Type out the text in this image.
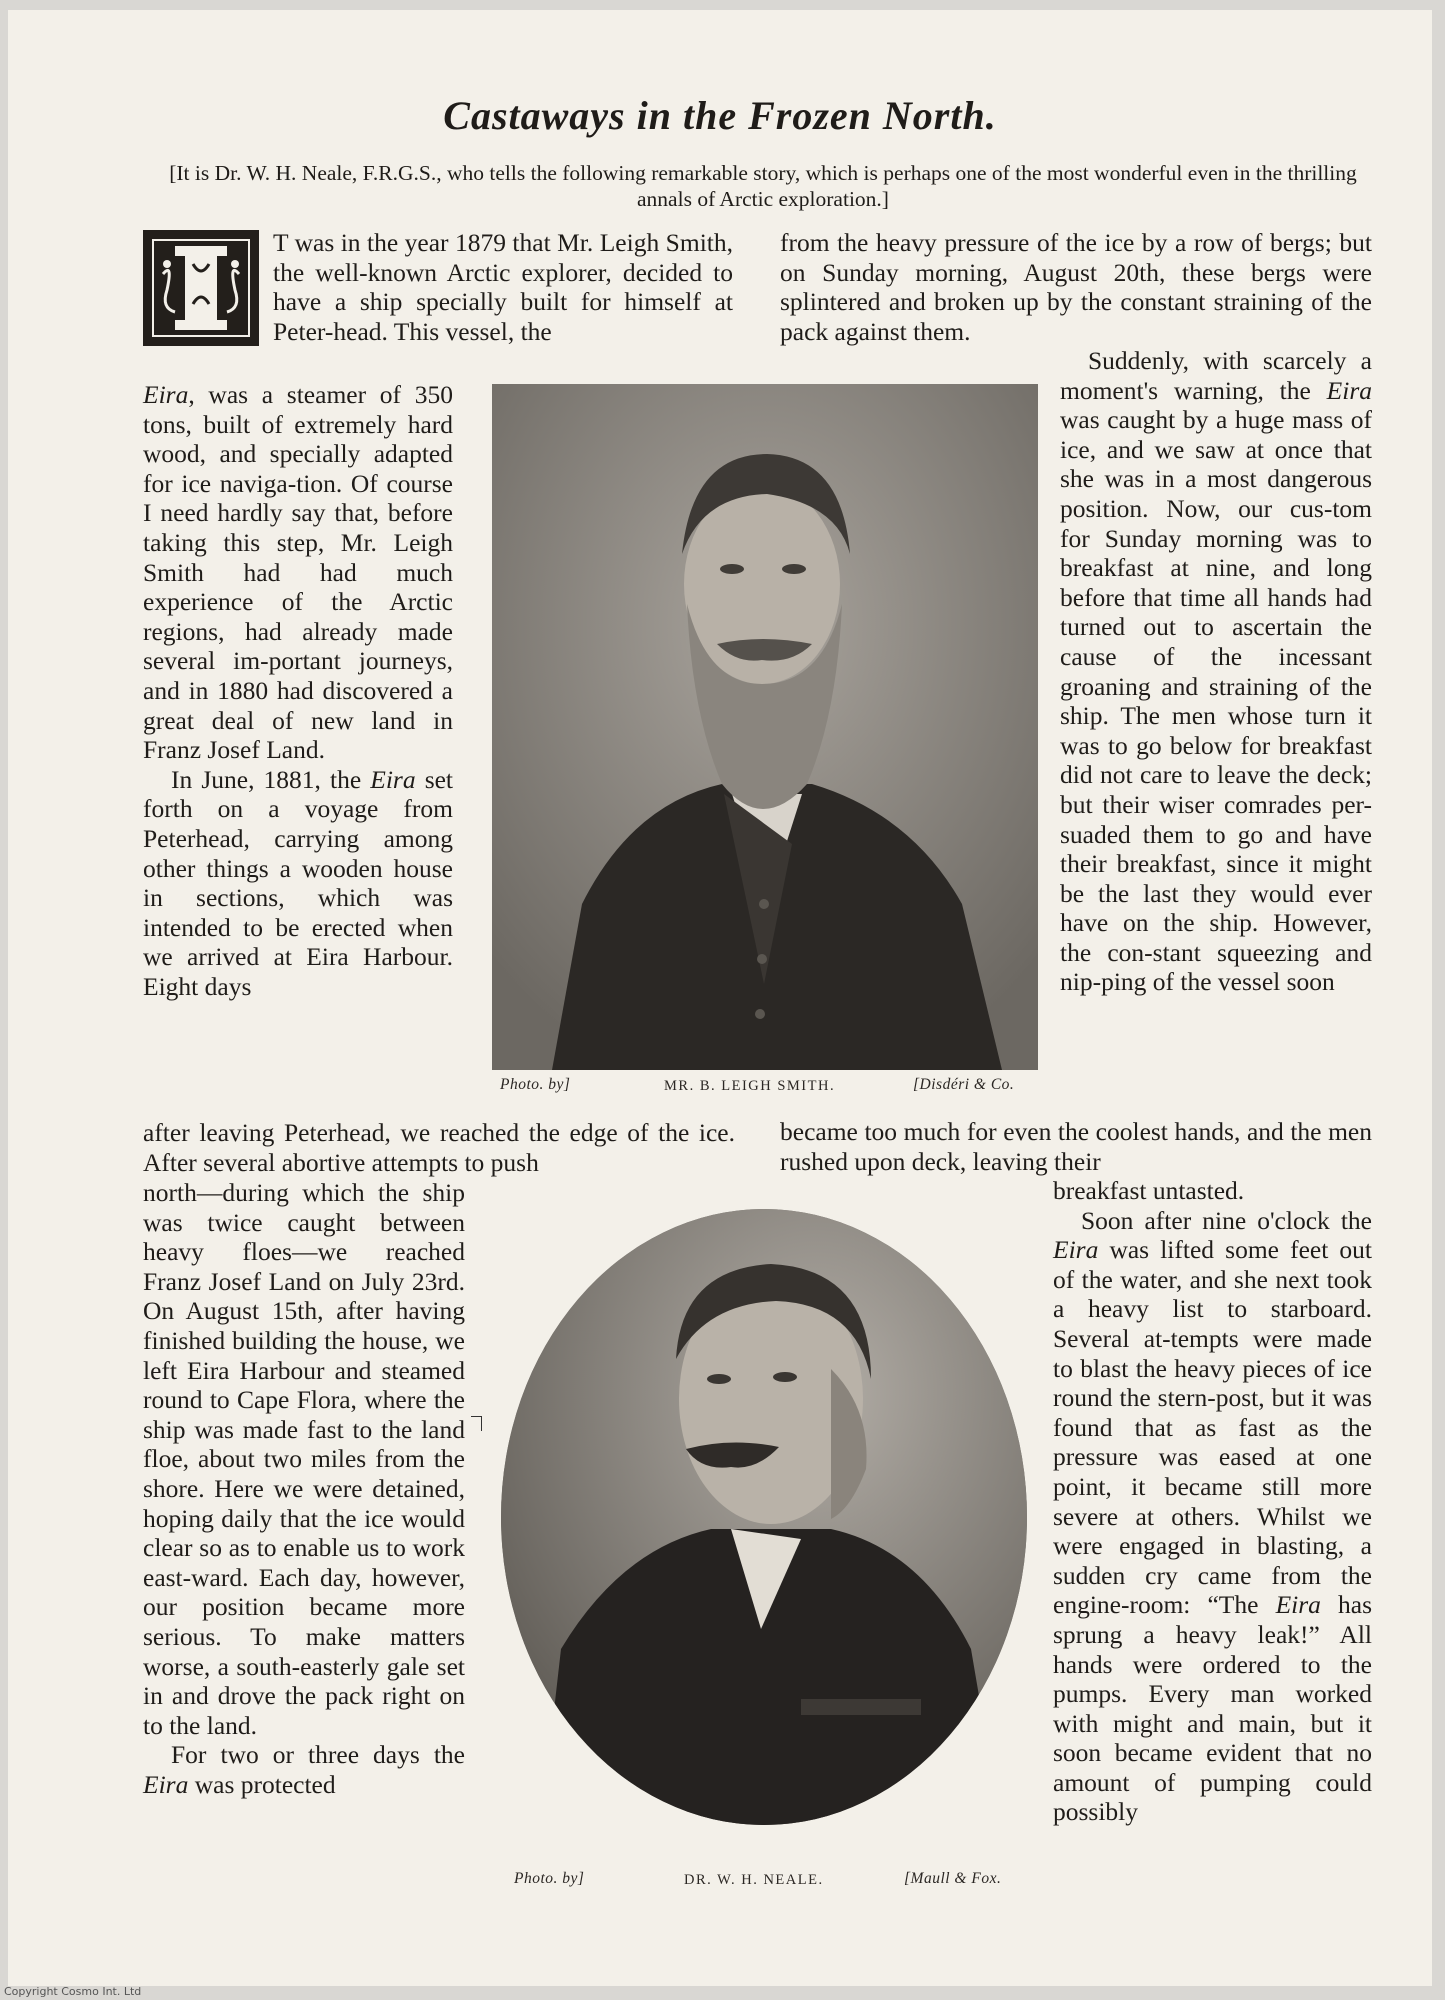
Castaways in the Frozen North.
[It is Dr. W. H. Neale, F.R.G.S., who tells the following remarkable story, which is perhaps one of the most wonderful even in the thrilling annals of Arctic exploration.]

T was in the year 1879 that Mr. Leigh Smith, the well-known Arctic explorer, decided to have a ship specially built for himself at Peter-head. This vessel, the

Eira, was a steamer of 350 tons, built of extremely hard wood, and specially adapted for ice naviga-tion. Of course I need hardly say that, before taking this step, Mr. Leigh Smith had had much experience of the Arctic regions, had already made several im-portant journeys, and in 1880 had discovered a great deal of new land in Franz Josef Land.

In June, 1881, the Eira set forth on a voyage from Peterhead, carrying among other things a wooden house in sections, which was intended to be erected when we arrived at Eira Harbour. Eight days

after leaving Peterhead, we reached the edge of the ice. After several abortive attempts to push

north—during which the ship was twice caught between heavy floes—we reached Franz Josef Land on July 23rd. On August 15th, after having finished building the house, we left Eira Harbour and steamed round to Cape Flora, where the ship was made fast to the land floe, about two miles from the shore. Here we were detained, hoping daily that the ice would clear so as to enable us to work east-ward. Each day, however, our position became more serious. To make matters worse, a south-easterly gale set in and drove the pack right on to the land.

For two or three days the Eira was protected

from the heavy pressure of the ice by a row of bergs; but on Sunday morning, August 20th, these bergs were splintered and broken up by the constant straining of the pack against them.

Suddenly, with scarcely a moment's warning, the Eira was caught by a huge mass of ice, and we saw at once that she was in a most dangerous position. Now, our cus-tom for Sunday morning was to breakfast at nine, and long before that time all hands had turned out to ascertain the cause of the incessant groaning and straining of the ship. The men whose turn it was to go below for breakfast did not care to leave the deck; but their wiser comrades per-suaded them to go and have their breakfast, since it might be the last they would ever have on the ship. However, the con-stant squeezing and nip-ping of the vessel soon

became too much for even the coolest hands, and the men rushed upon deck, leaving their

breakfast untasted.

Soon after nine o'clock the Eira was lifted some feet out of the water, and she next took a heavy list to starboard. Several at-tempts were made to blast the heavy pieces of ice round the stern-post, but it was found that as fast as the pressure was eased at one point, it became still more severe at others. Whilst we were engaged in blasting, a sudden cry came from the engine-room: “The Eira has sprung a heavy leak!” All hands were ordered to the pumps. Every man worked with might and main, but it soon became evident that no amount of pumping could possibly

Photo. by]	MR. B. LEIGH SMITH.	[Disdéri & Co.
Photo. by]	DR. W. H. NEALE.	[Maull & Fox.
Copyright Cosmo Int. Ltd
